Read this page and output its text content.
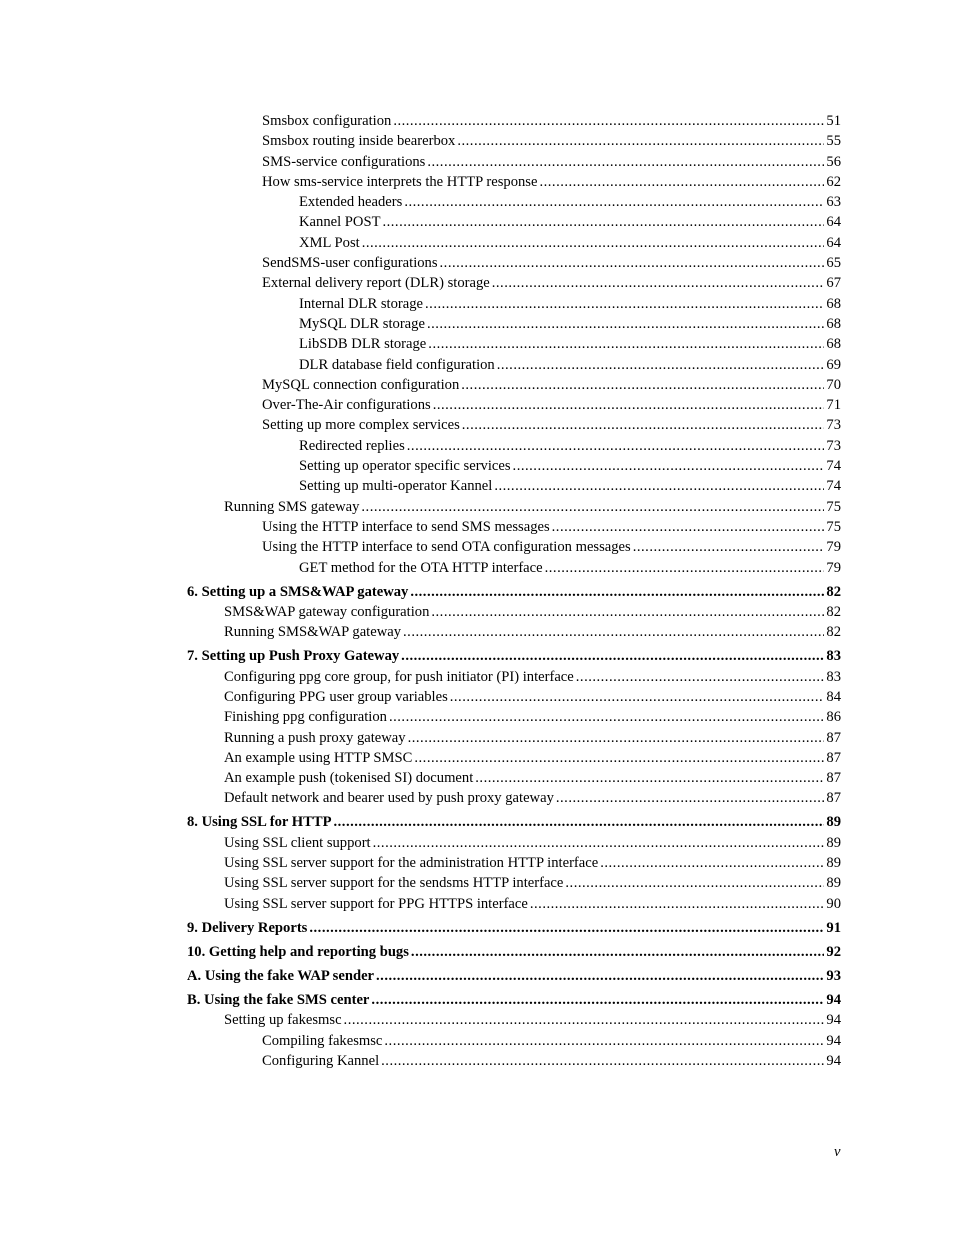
Smsbox configuration .....	51
Smsbox routing inside bearerbox .....	55
SMS-service configurations .....	56
How sms-service interprets the HTTP response .....	62
Extended headers .....	63
Kannel POST .....	64
XML Post .....	64
SendSMS-user configurations .....	65
External delivery report (DLR) storage .....	67
Internal DLR storage .....	68
MySQL DLR storage .....	68
LibSDB DLR storage .....	68
DLR database field configuration .....	69
MySQL connection configuration .....	70
Over-The-Air configurations .....	71
Setting up more complex services .....	73
Redirected replies .....	73
Setting up operator specific services .....	74
Setting up multi-operator Kannel .....	74
Running SMS gateway .....	75
Using the HTTP interface to send SMS messages .....	75
Using the HTTP interface to send OTA configuration messages .....	79
GET method for the OTA HTTP interface .....	79
6. Setting up a SMS&WAP gateway .....	82
SMS&WAP gateway configuration .....	82
Running SMS&WAP gateway .....	82
7. Setting up Push Proxy Gateway .....	83
Configuring ppg core group, for push initiator (PI) interface .....	83
Configuring PPG user group variables .....	84
Finishing ppg configuration .....	86
Running a push proxy gateway .....	87
An example using HTTP SMSC .....	87
An example push (tokenised SI) document .....	87
Default network and bearer used by push proxy gateway .....	87
8. Using SSL for HTTP .....	89
Using SSL client support .....	89
Using SSL server support for the administration HTTP interface .....	89
Using SSL server support for the sendsms HTTP interface .....	89
Using SSL server support for PPG HTTPS interface .....	90
9. Delivery Reports .....	91
10. Getting help and reporting bugs .....	92
A. Using the fake WAP sender .....	93
B. Using the fake SMS center .....	94
Setting up fakesmsc .....	94
Compiling fakesmsc .....	94
Configuring Kannel .....	94
v
